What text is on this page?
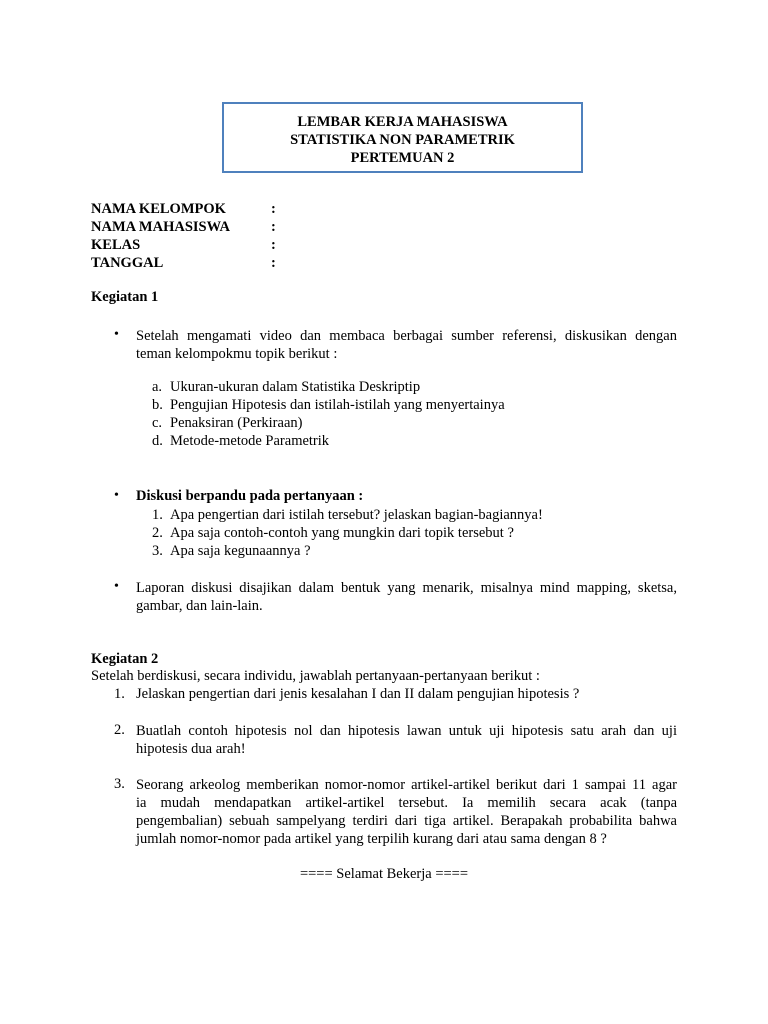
LEMBAR KERJA MAHASISWA
STATISTIKA NON PARAMETRIK
PERTEMUAN 2
NAMA KELOMPOK	:
NAMA MAHASISWA	:
KELAS	:
TANGGAL	:
Kegiatan 1
•	Setelah mengamati video dan membaca berbagai sumber referensi, diskusikan dengan
teman kelompokmu topik berikut :
a. Ukuran-ukuran dalam Statistika Deskriptip
b. Pengujian Hipotesis dan istilah-istilah yang menyertainya
c. Penaksiran (Perkiraan)
d. Metode-metode Parametrik
•	Diskusi berpandu pada pertanyaan :
1. Apa pengertian dari istilah tersebut? jelaskan bagian-bagiannya!
2. Apa saja contoh-contoh yang mungkin dari topik tersebut ?
3. Apa saja kegunaannya ?
•	Laporan diskusi disajikan dalam bentuk yang menarik, misalnya mind mapping, sketsa,
gambar, dan lain-lain.
Kegiatan 2
Setelah berdiskusi, secara individu, jawablah pertanyaan-pertanyaan berikut :
1. Jelaskan pengertian dari jenis kesalahan I dan II dalam pengujian hipotesis ?
2. Buatlah contoh hipotesis nol dan hipotesis lawan untuk uji hipotesis satu arah dan uji
hipotesis dua arah!
3. Seorang arkeolog memberikan nomor-nomor artikel-artikel berikut dari 1 sampai 11 agar
ia mudah mendapatkan artikel-artikel tersebut. Ia memilih secara acak (tanpa
pengembalian) sebuah sampelyang terdiri dari tiga artikel. Berapakah probabilita bahwa
jumlah nomor-nomor pada artikel yang terpilih kurang dari atau sama dengan 8 ?
==== Selamat Bekerja ====
